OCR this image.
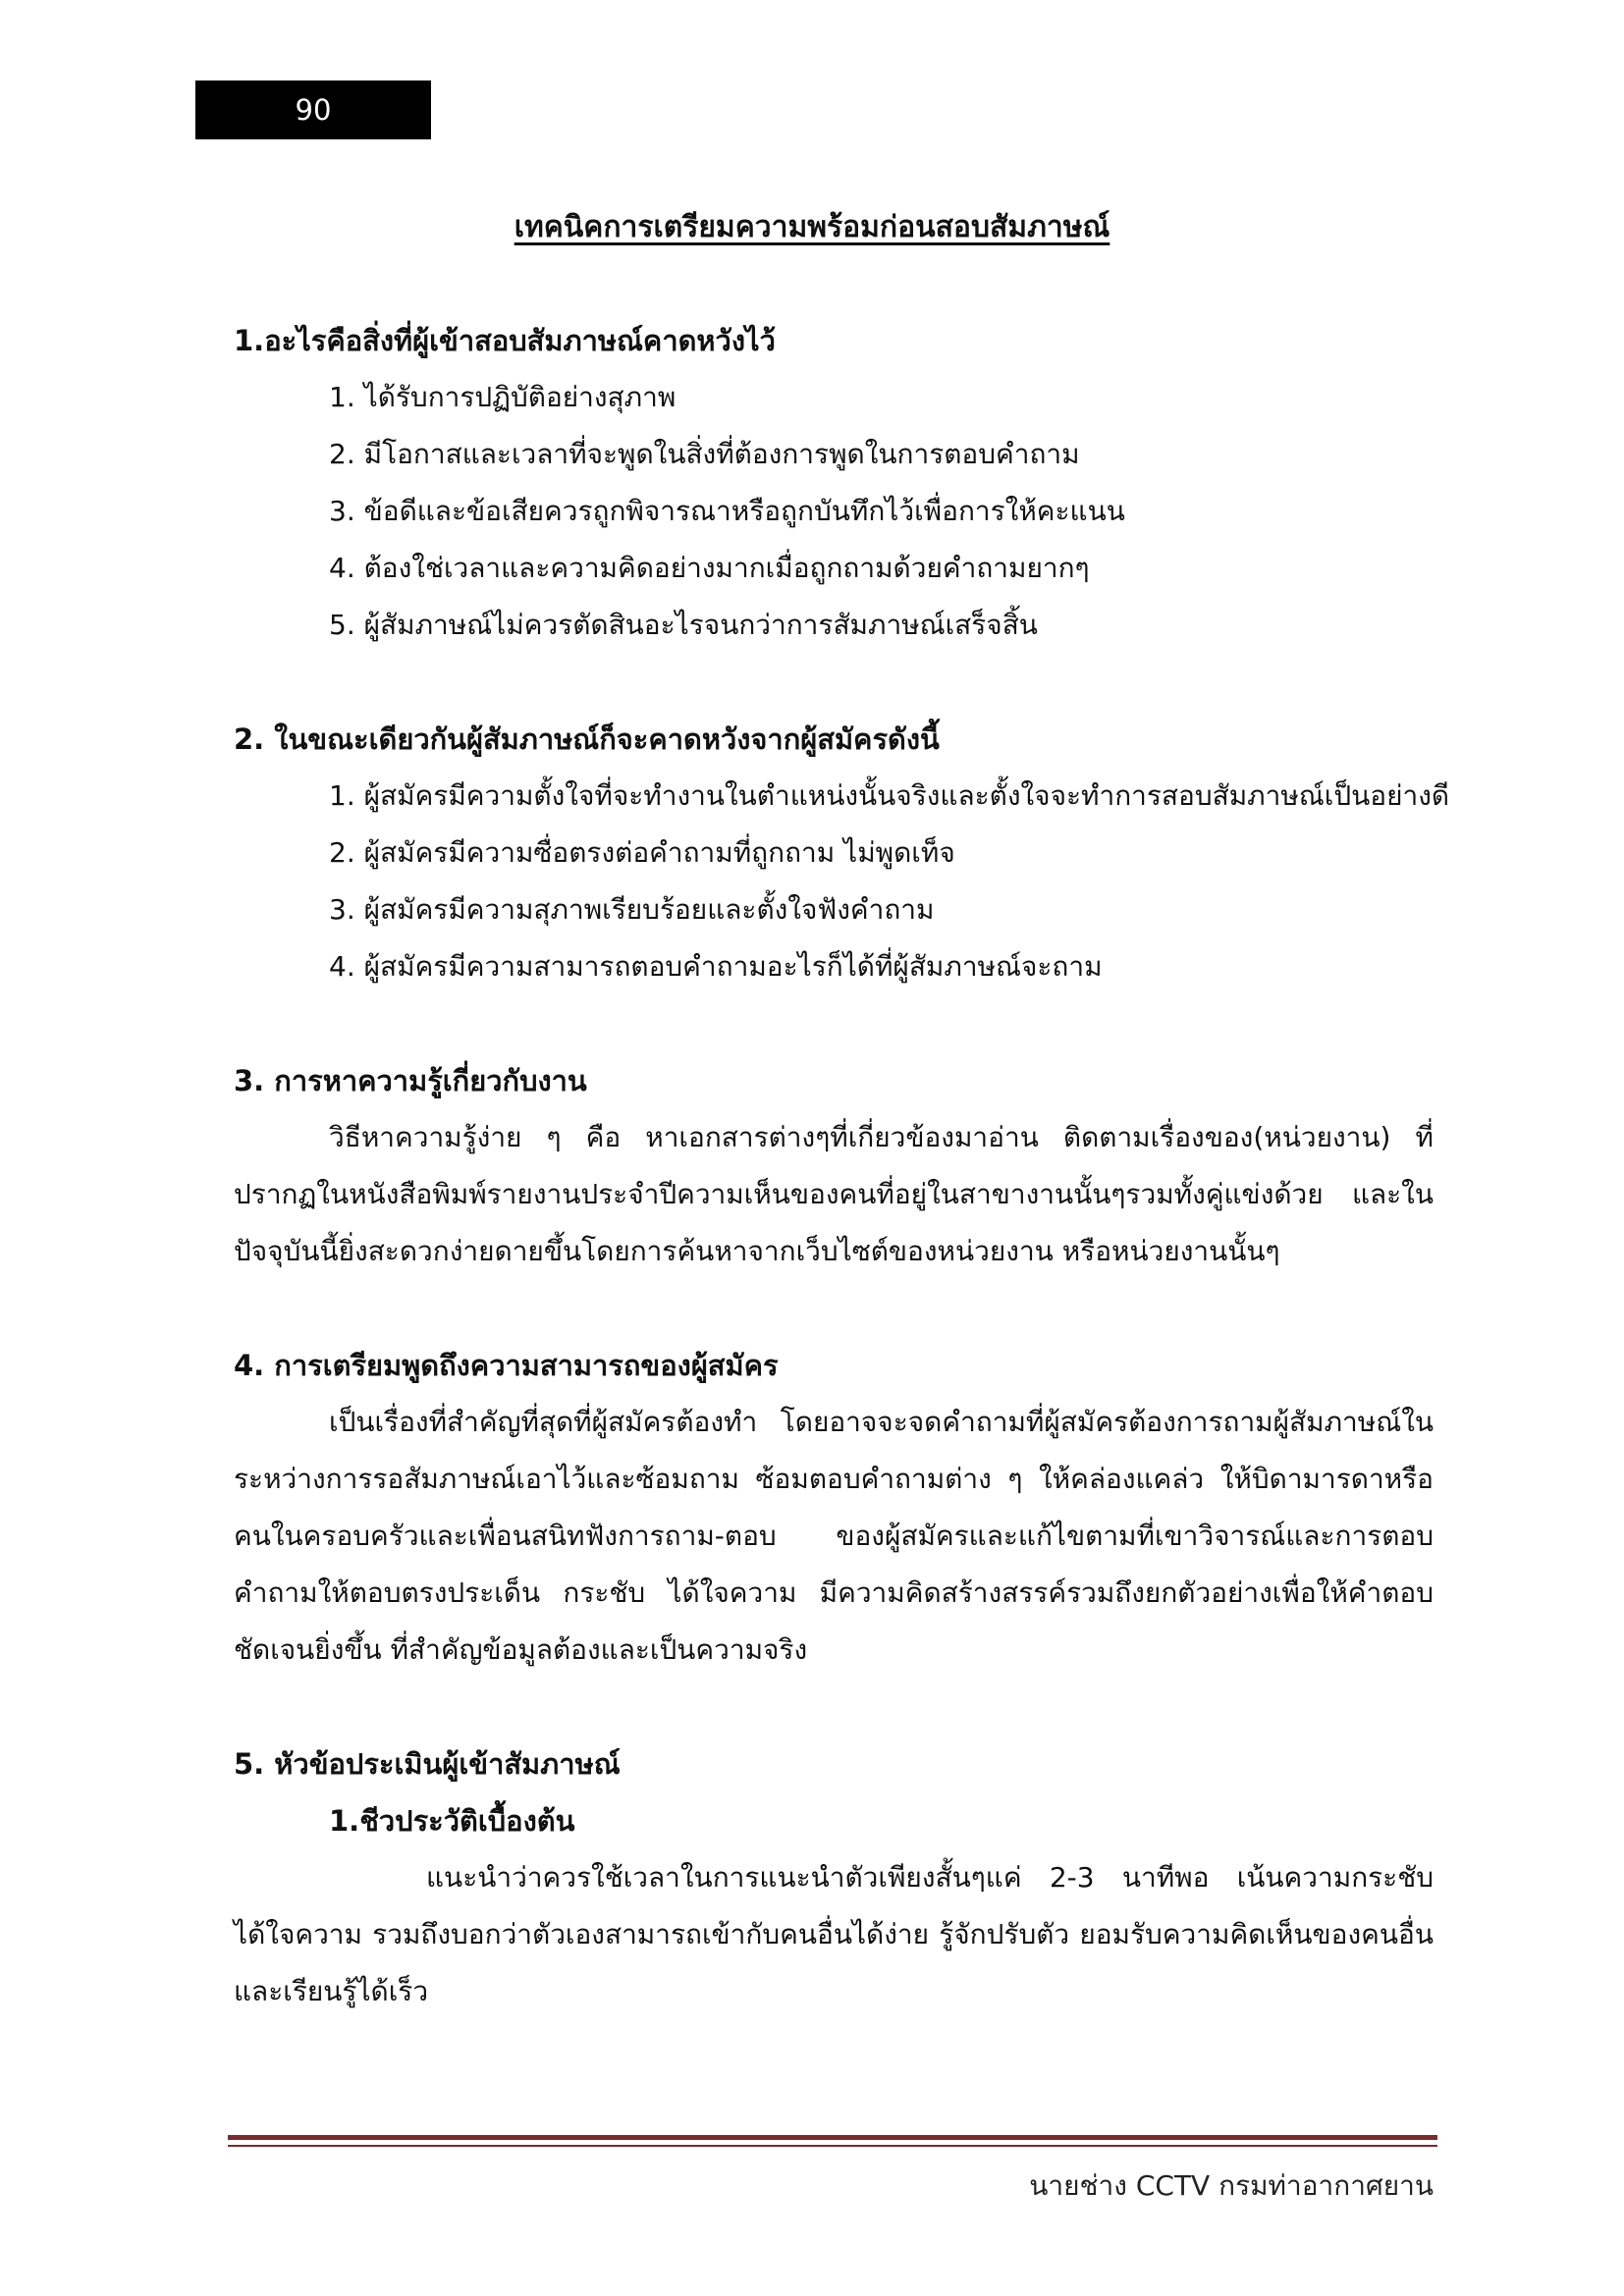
90
เทคนิคการเตรียมความพร้อมก่อนสอบสัมภาษณ์

1.อะไรคือสิ่งที่ผู้เข้าสอบสัมภาษณ์คาดหวังไว้

1. ได้รับการปฏิบัติอย่างสุภาพ
2. มีโอกาสและเวลาที่จะพูดในสิ่งที่ต้องการพูดในการตอบคำถาม
3. ข้อดีและข้อเสียควรถูกพิจารณาหรือถูกบันทึกไว้เพื่อการให้คะแนน
4. ต้องใช่เวลาและความคิดอย่างมากเมื่อถูกถามด้วยคำถามยากๆ
5. ผู้สัมภาษณ์ไม่ควรตัดสินอะไรจนกว่าการสัมภาษณ์เสร็จสิ้น

2. ในขณะเดียวกันผู้สัมภาษณ์ก็จะคาดหวังจากผู้สมัครดังนี้

1. ผู้สมัครมีความตั้งใจที่จะทำงานในตำแหน่งนั้นจริงและตั้งใจจะทำการสอบสัมภาษณ์เป็นอย่างดี
2. ผู้สมัครมีความซื่อตรงต่อคำถามที่ถูกถาม ไม่พูดเท็จ
3. ผู้สมัครมีความสุภาพเรียบร้อยและตั้งใจฟังคำถาม
4. ผู้สมัครมีความสามารถตอบคำถามอะไรก็ได้ที่ผู้สัมภาษณ์จะถาม

3. การหาความรู้เกี่ยวกับงาน

วิธีหาความรู้ง่าย ๆ คือ หาเอกสารต่างๆที่เกี่ยวข้องมาอ่าน ติดตามเรื่องของ(หน่วยงาน) ที่ ปรากฏในหนังสือพิมพ์รายงานประจำปีความเห็นของคนที่อยู่ในสาขางานนั้นๆรวมทั้งคู่แข่งด้วย และในปัจจุบันนี้ยิ่งสะดวกง่ายดายขึ้นโดยการค้นหาจากเว็บไซต์ของหน่วยงาน หรือหน่วยงานนั้นๆ

4. การเตรียมพูดถึงความสามารถของผู้สมัคร

เป็นเรื่องที่สำคัญที่สุดที่ผู้สมัครต้องทำ โดยอาจจะจดคำถามที่ผู้สมัครต้องการถามผู้สัมภาษณ์ในระหว่างการรอสัมภาษณ์เอาไว้และซ้อมถาม ซ้อมตอบคำถามต่าง ๆ ให้คล่องแคล่ว ให้บิดามารดาหรือคนในครอบครัวและเพื่อนสนิทฟังการถาม-ตอบ ของผู้สมัครและแก้ไขตามที่เขาวิจารณ์และการตอบคำถามให้ตอบตรงประเด็น กระชับ ได้ใจความ มีความคิดสร้างสรรค์รวมถึงยกตัวอย่างเพื่อให้คำตอบชัดเจนยิ่งขึ้น ที่สำคัญข้อมูลต้องและเป็นความจริง

5. หัวข้อประเมินผู้เข้าสัมภาษณ์

1.ชีวประวัติเบื้องต้น

แนะนำว่าควรใช้เวลาในการแนะนำตัวเพียงสั้นๆแค่ 2-3 นาทีพอ เน้นความกระชับได้ใจความ รวมถึงบอกว่าตัวเองสามารถเข้ากับคนอื่นได้ง่าย รู้จักปรับตัว ยอมรับความคิดเห็นของคนอื่น และเรียนรู้ได้เร็ว

นายช่าง CCTV กรมท่าอากาศยาน
